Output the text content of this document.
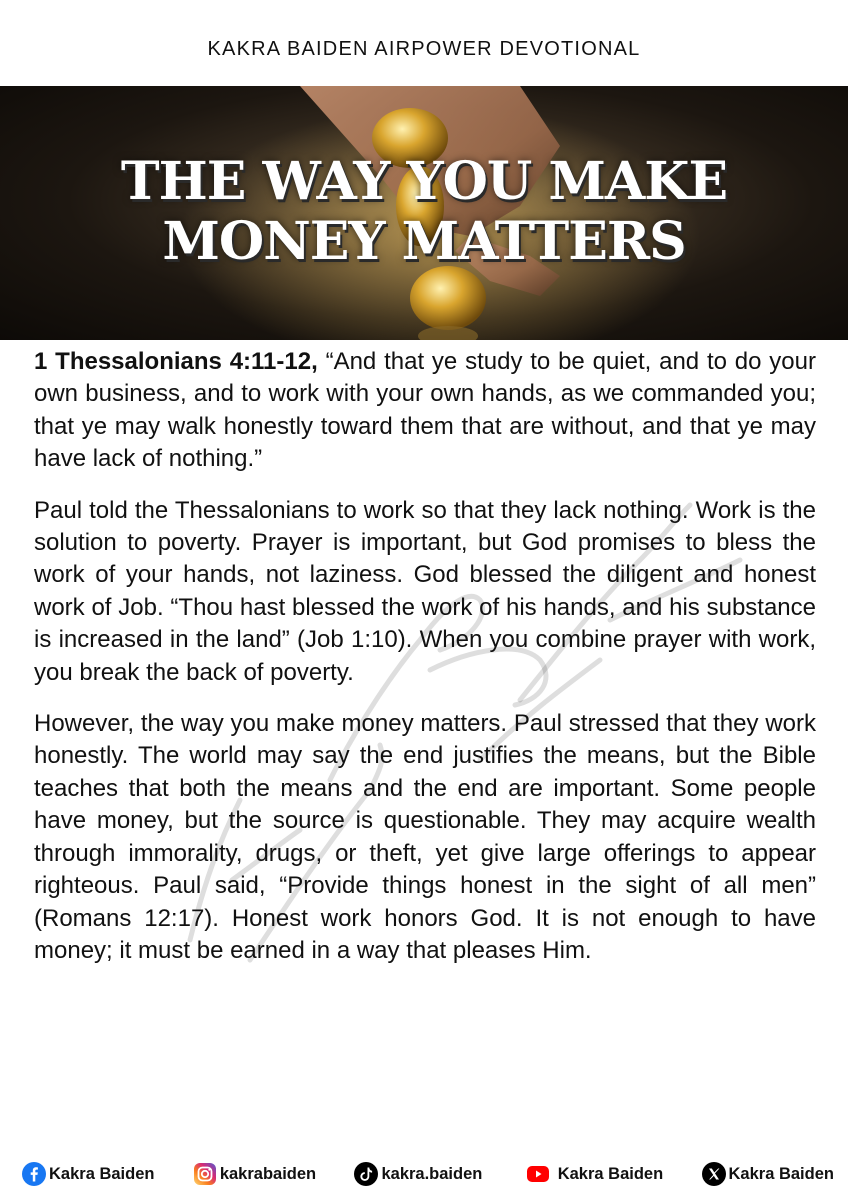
KAKRA BAIDEN AIRPOWER DEVOTIONAL
THE WAY YOU MAKE
MONEY MATTERS

1 Thessalonians 4:11-12, “And that ye study to be quiet, and to do your own business, and to work with your own hands, as we commanded you; that ye may walk honestly toward them that are without, and that ye may have lack of nothing.”

Paul told the Thessalonians to work so that they lack nothing. Work is the solution to poverty. Prayer is important, but God promises to bless the work of your hands, not laziness. God blessed the diligent and honest work of Job. “Thou hast blessed the work of his hands, and his substance is increased in the land” (Job 1:10). When you combine prayer with work, you break the back of poverty.

However, the way you make money matters. Paul stressed that they work honestly. The world may say the end justifies the means, but the Bible teaches that both the means and the end are important. Some people have money, but the source is questionable. They may acquire wealth through immorality, drugs, or theft, yet give large offerings to appear righteous. Paul said, “Provide things honest in the sight of all men” (Romans 12:17). Honest work honors God. It is not enough to have money; it must be earned in a way that pleases Him.

Kakra Baiden	kakrabaiden	kakra.baiden	Kakra Baiden	Kakra Baiden
